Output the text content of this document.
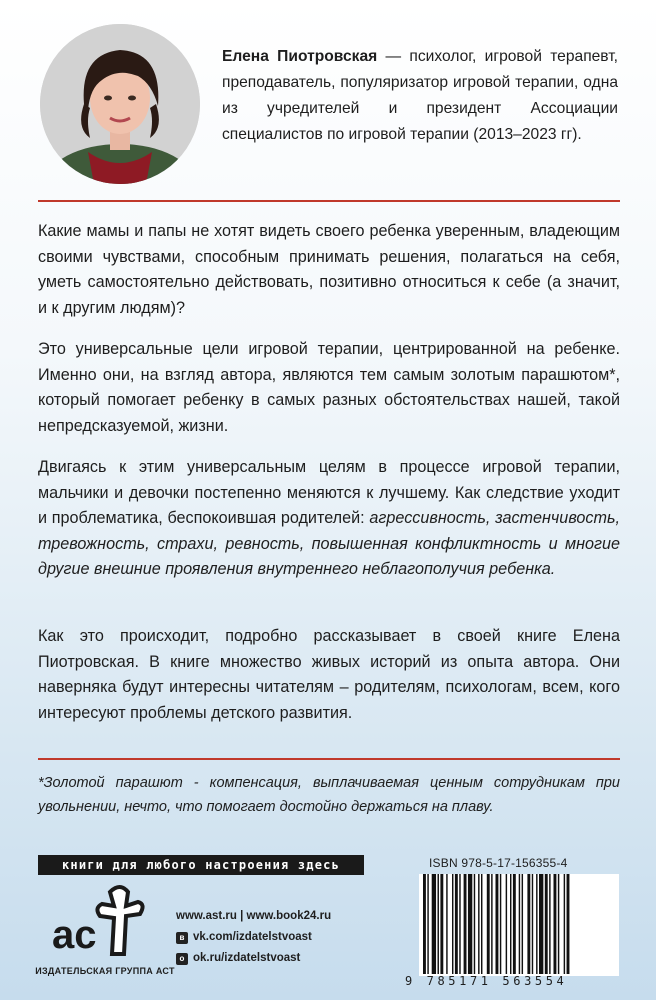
Елена Пиотровская — психолог, игровой терапевт, преподаватель, популяризатор игровой терапии, одна из учредителей и президент Ассоциации специалистов по игровой терапии (2013–2023 гг).
Какие мамы и папы не хотят видеть своего ребенка уверенным, владеющим своими чувствами, способным принимать решения, полагаться на себя, уметь самостоятельно действовать, позитивно относиться к себе (а значит, и к другим людям)?
Это универсальные цели игровой терапии, центрированной на ребенке. Именно они, на взгляд автора, являются тем самым золотым парашютом*, который помогает ребенку в самых разных обстоятельствах нашей, такой непредсказуемой, жизни.
Двигаясь к этим универсальным целям в процессе игровой терапии, мальчики и девочки постепенно меняются к лучшему. Как следствие уходит и проблематика, беспокоившая родителей: агрессивность, застенчивость, тревожность, страхи, ревность, повышенная конфликтность и многие другие внешние проявления внутреннего неблагополучия ребенка.
Как это происходит, подробно рассказывает в своей книге Елена Пиотровская. В книге множество живых историй из опыта автора. Они наверняка будут интересны читателям – родителям, психологам, всем, кого интересуют проблемы детского развития.
*Золотой парашют - компенсация, выплачиваемая ценным сотрудникам при увольнении, нечто, что помогает достойно держаться на плаву.
книги для любого настроения здесь
ac
ИЗДАТЕЛЬСКАЯ ГРУППА АСТ
www.ast.ru | www.book24.ru
в vk.com/izdatelstvoast
о ok.ru/izdatelstvoast
ISBN 978-5-17-156355-4
9 785171 563554
